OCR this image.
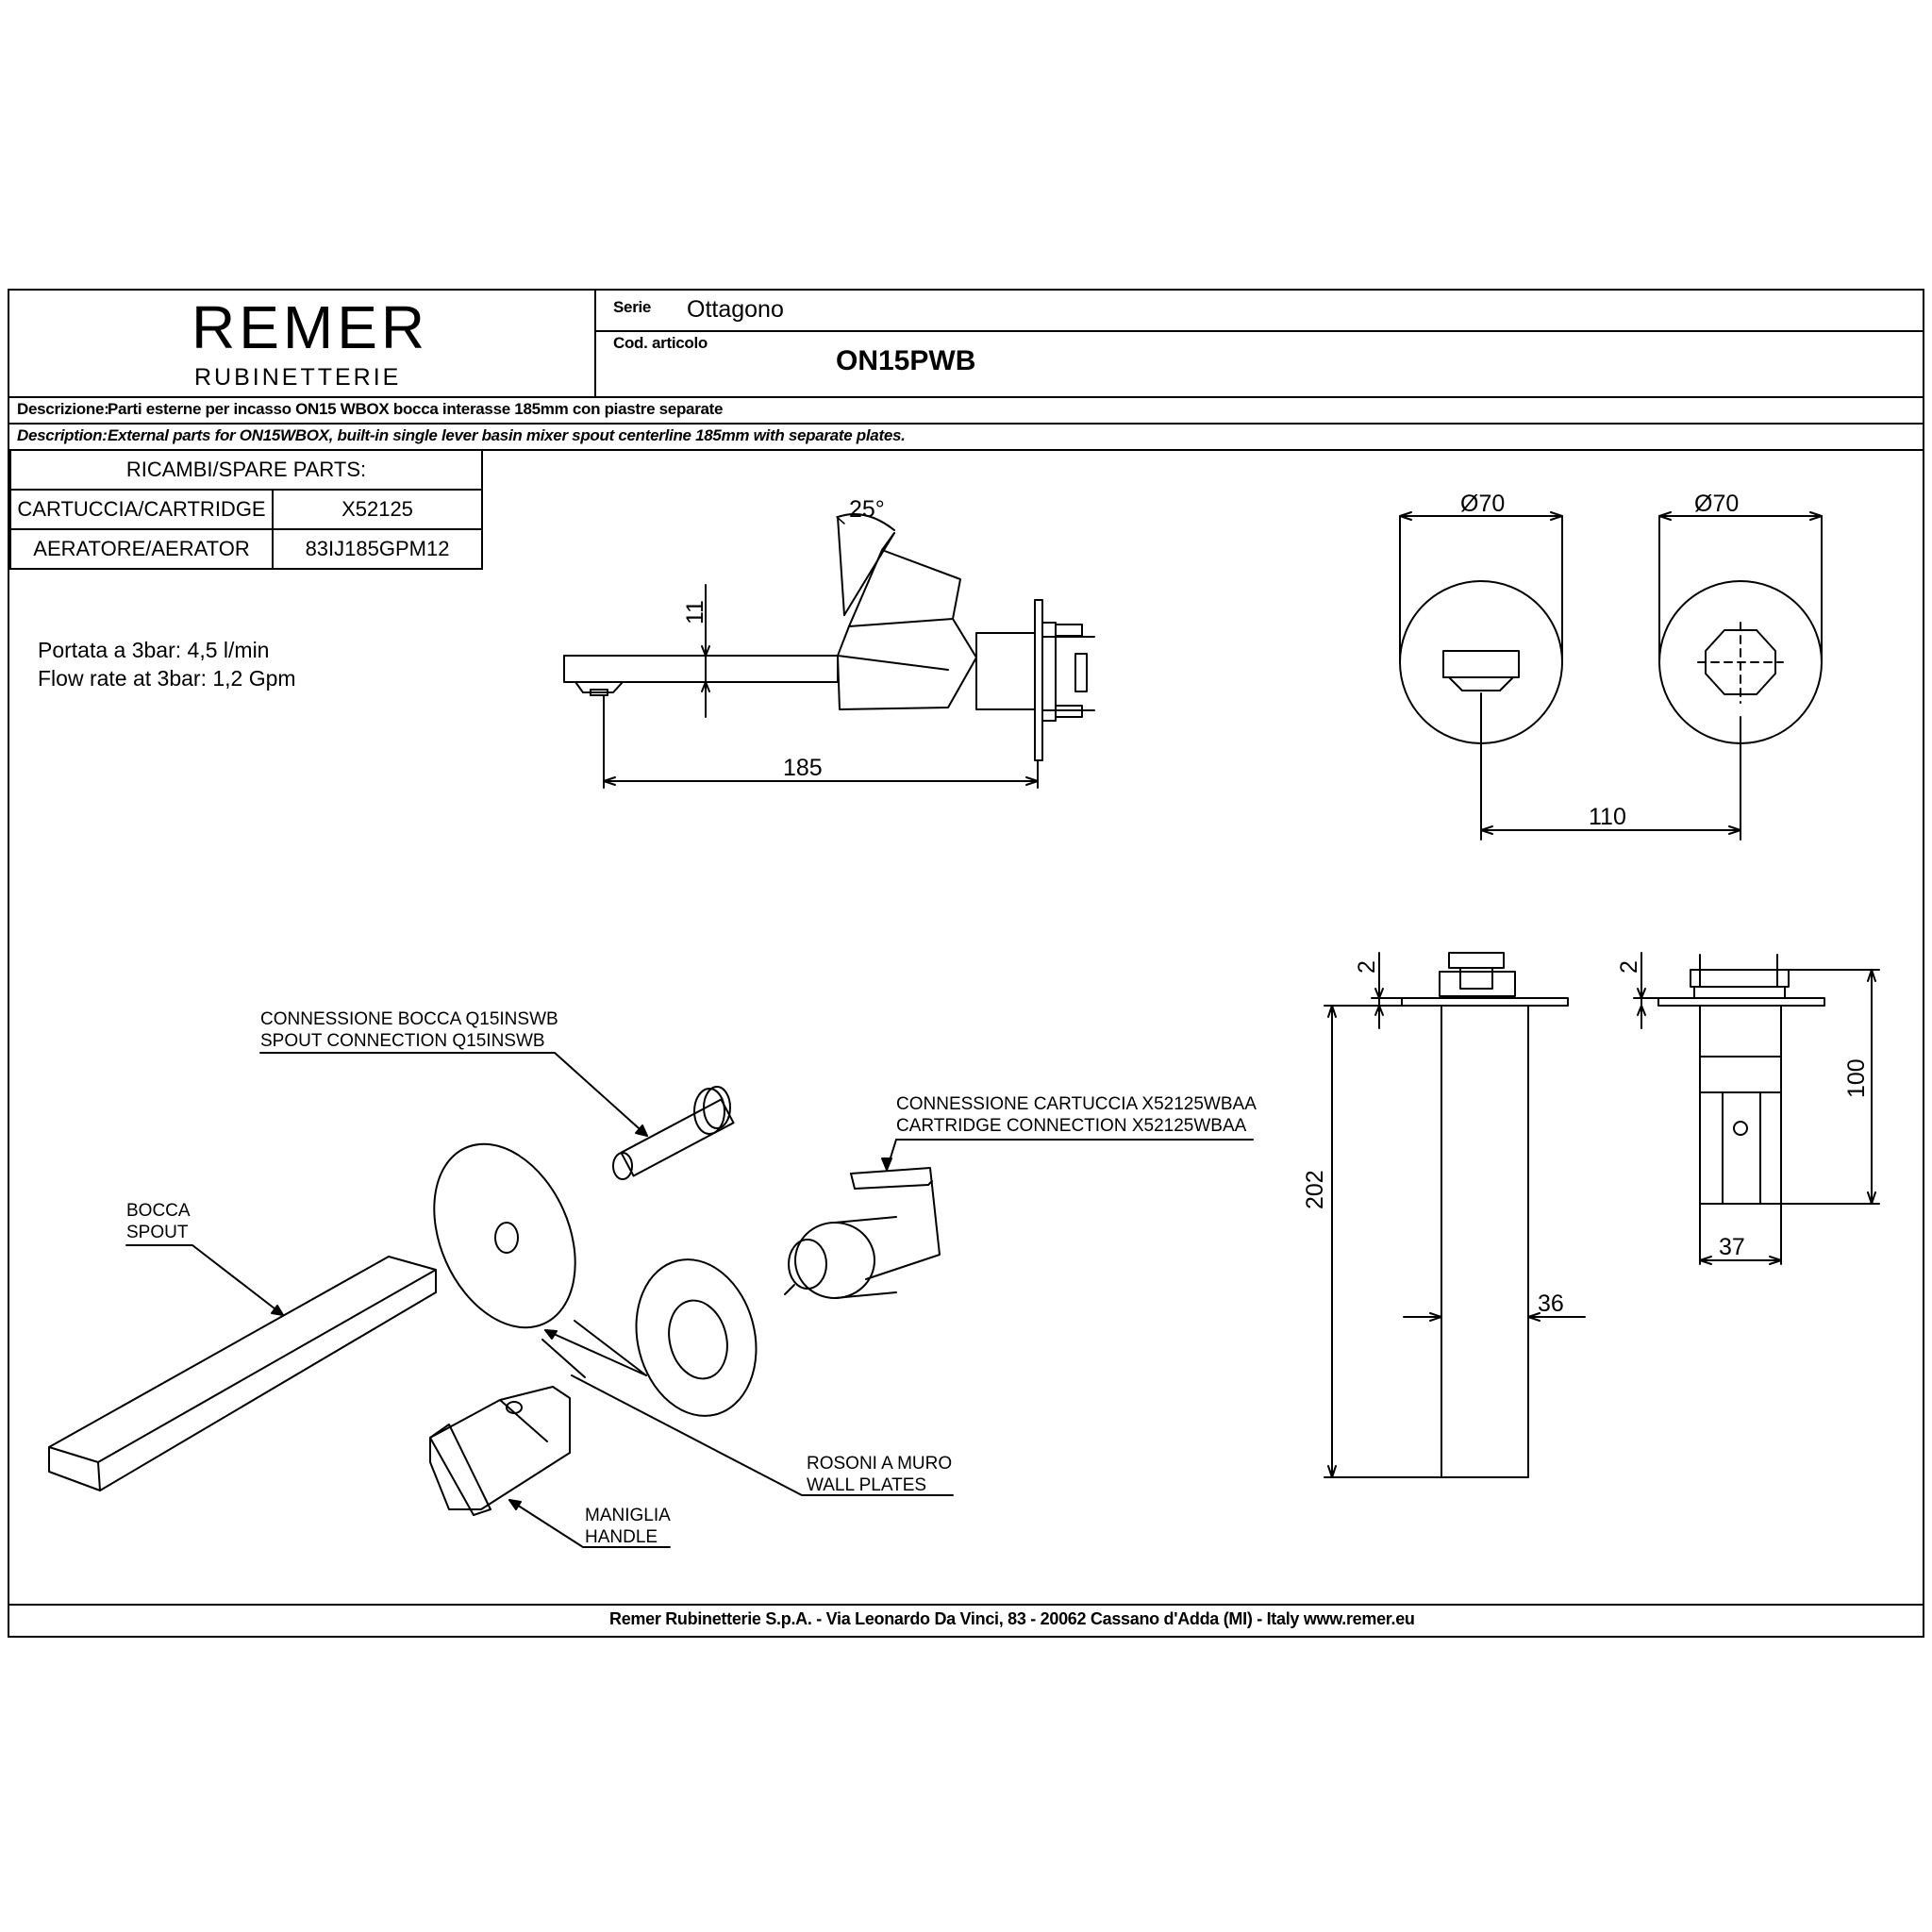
REMER
RUBINETTERIE
Serie Ottagono
Cod. articolo
ON15PWB
Descrizione:
Parti esterne per incasso ON15 WBOX bocca interasse 185mm con piastre separate
Description: External parts for ON15WBOX, built-in single lever basin mixer spout centerline 185mm with separate plates.
RICAMBI/SPARE PARTS:	
CARTUCCIA/CARTRIDGE	X52125
AERATORE/AERATOR	83IJ185GPM12
Portata a 3bar: 4,5 l/min
Flow rate at 3bar: 1,2 Gpm
Remer Rubinetterie S.p.A. - Via Leonardo Da Vinci, 83 - 20062 Cassano d'Adda (MI) - Italy www.remer.eu
25°
11
185
Ø70	Ø70
110
2
202
36
2
100
37
CONNESSIONE BOCCA Q15INSWB
SPOUT CONNECTION Q15INSWB
CONNESSIONE CARTUCCIA X52125WBAA
CARTRIDGE CONNECTION X52125WBAA
BOCCA
SPOUT
ROSONI A MURO
WALL PLATES
MANIGLIA
HANDLE
